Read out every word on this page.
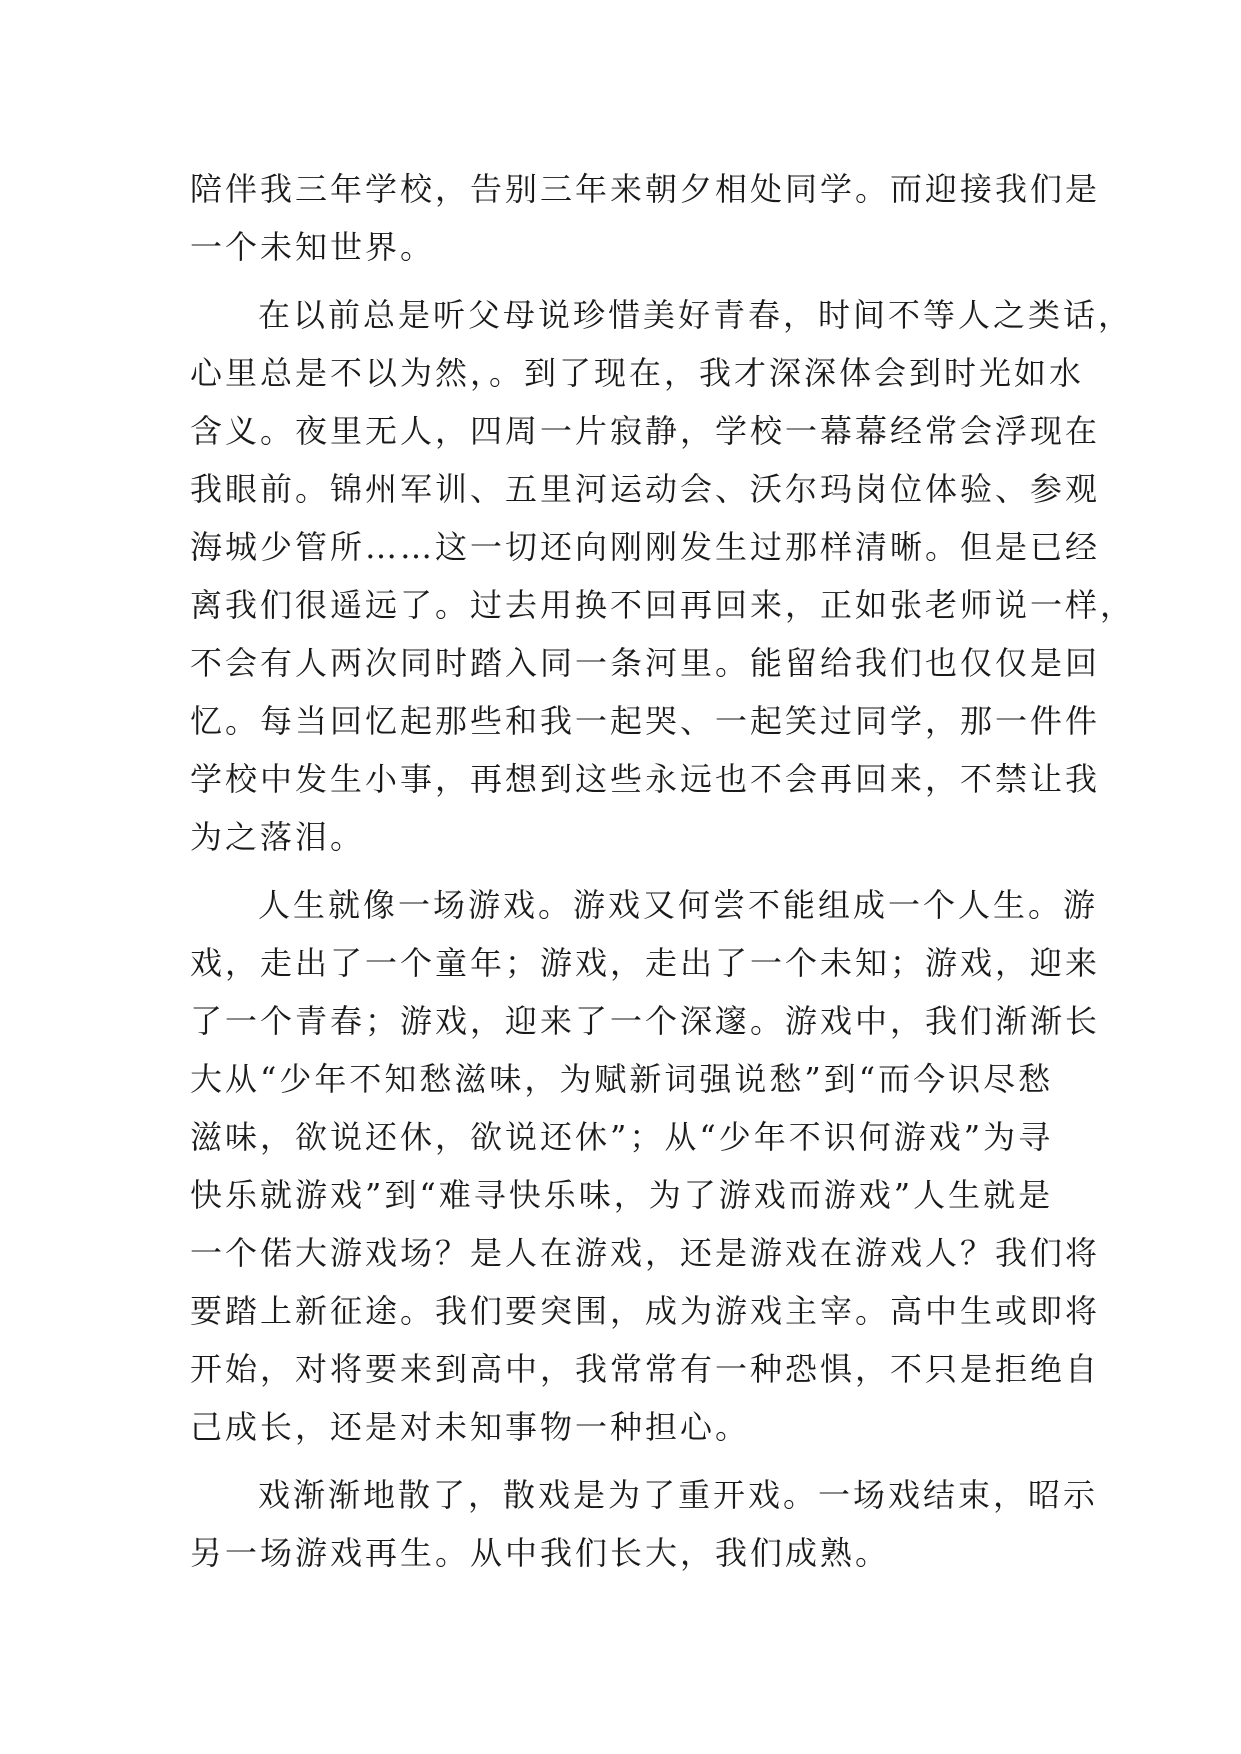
陪伴我三年学校，告别三年来朝夕相处同学。而迎接我们是
一个未知世界。
在以前总是听父母说珍惜美好青春，时间不等人之类话，
心里总是不以为然，。到了现在，我才深深体会到时光如水
含义。夜里无人，四周一片寂静，学校一幕幕经常会浮现在
我眼前。锦州军训、五里河运动会、沃尔玛岗位体验、参观
海城少管所……这一切还向刚刚发生过那样清晰。但是已经
离我们很遥远了。过去用换不回再回来，正如张老师说一样，
不会有人两次同时踏入同一条河里。能留给我们也仅仅是回
忆。每当回忆起那些和我一起哭、一起笑过同学，那一件件
学校中发生小事，再想到这些永远也不会再回来，不禁让我
为之落泪。
人生就像一场游戏。游戏又何尝不能组成一个人生。游
戏，走出了一个童年；游戏，走出了一个未知；游戏，迎来
了一个青春；游戏，迎来了一个深邃。游戏中，我们渐渐长
大从“少年不知愁滋味，为赋新词强说愁”到“而今识尽愁
滋味，欲说还休，欲说还休”；从“少年不识何游戏”为寻
快乐就游戏”到“难寻快乐味，为了游戏而游戏”人生就是
一个偌大游戏场？是人在游戏，还是游戏在游戏人？我们将
要踏上新征途。我们要突围，成为游戏主宰。高中生或即将
开始，对将要来到高中，我常常有一种恐惧，不只是拒绝自
己成长，还是对未知事物一种担心。
戏渐渐地散了，散戏是为了重开戏。一场戏结束，昭示
另一场游戏再生。从中我们长大，我们成熟。
